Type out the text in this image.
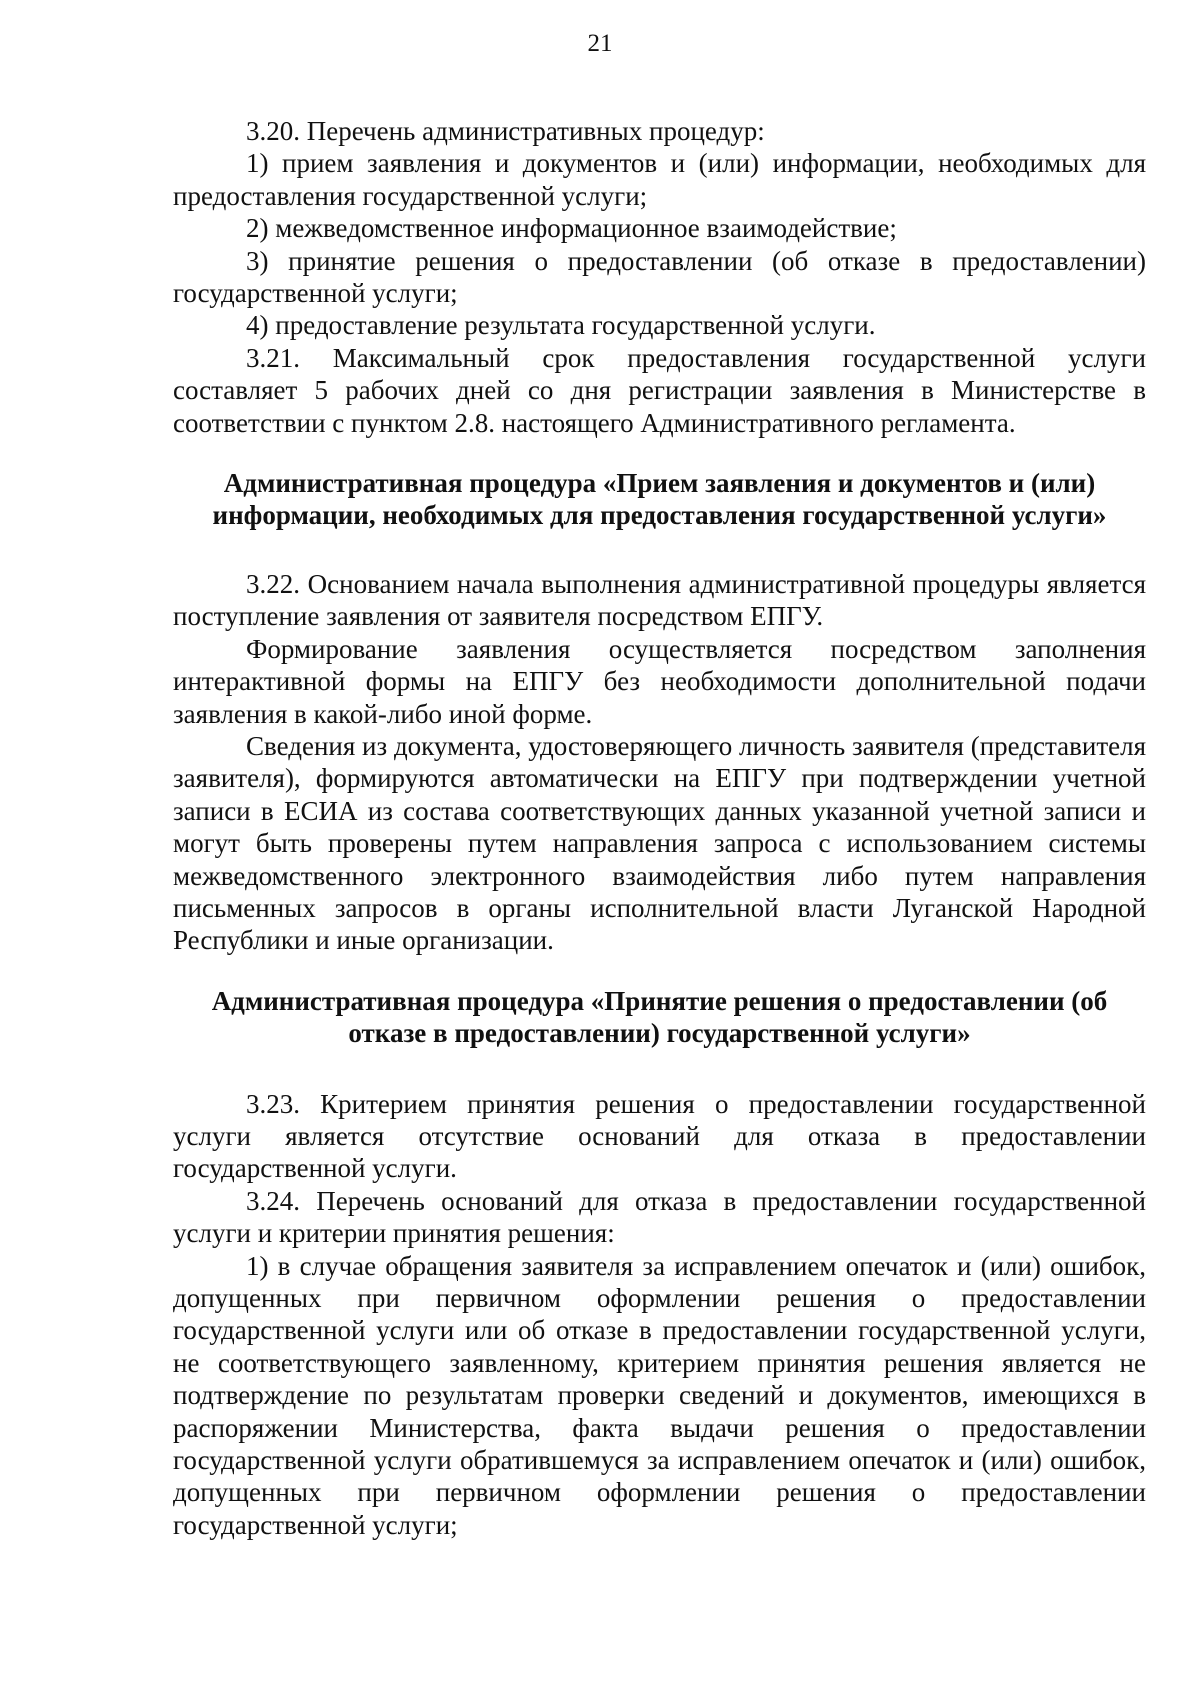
21

3.20. Перечень административных процедур:

1) прием заявления и документов и (или) информации, необходимых для предоставления государственной услуги;

2) межведомственное информационное взаимодействие;

3) принятие решения о предоставлении (об отказе в предоставлении) государственной услуги;

4) предоставление результата государственной услуги.

3.21. Максимальный срок предоставления государственной услуги составляет 5 рабочих дней со дня регистрации заявления в Министерстве в соответствии с пунктом 2.8. настоящего Административного регламента.

Административная процедура «Прием заявления и документов и (или) информации, необходимых для предоставления государственной услуги»

3.22. Основанием начала выполнения административной процедуры является поступление заявления от заявителя посредством ЕПГУ.

Формирование заявления осуществляется посредством заполнения интерактивной формы на ЕПГУ без необходимости дополнительной подачи заявления в какой-либо иной форме.

Сведения из документа, удостоверяющего личность заявителя (представителя заявителя), формируются автоматически на ЕПГУ при подтверждении учетной записи в ЕСИА из состава соответствующих данных указанной учетной записи и могут быть проверены путем направления запроса с использованием системы межведомственного электронного взаимодействия либо путем направления письменных запросов в органы исполнительной власти Луганской Народной Республики и иные организации.

Административная процедура «Принятие решения о предоставлении (об отказе в предоставлении) государственной услуги»

3.23. Критерием принятия решения о предоставлении государственной услуги является отсутствие оснований для отказа в предоставлении государственной услуги.

3.24. Перечень оснований для отказа в предоставлении государственной услуги и критерии принятия решения:

1) в случае обращения заявителя за исправлением опечаток и (или) ошибок, допущенных при первичном оформлении решения о предоставлении государственной услуги или об отказе в предоставлении государственной услуги, не соответствующего заявленному, критерием принятия решения является не подтверждение по результатам проверки сведений и документов, имеющихся в распоряжении Министерства, факта выдачи решения о предоставлении государственной услуги обратившемуся за исправлением опечаток и (или) ошибок, допущенных при первичном оформлении решения о предоставлении государственной услуги;
